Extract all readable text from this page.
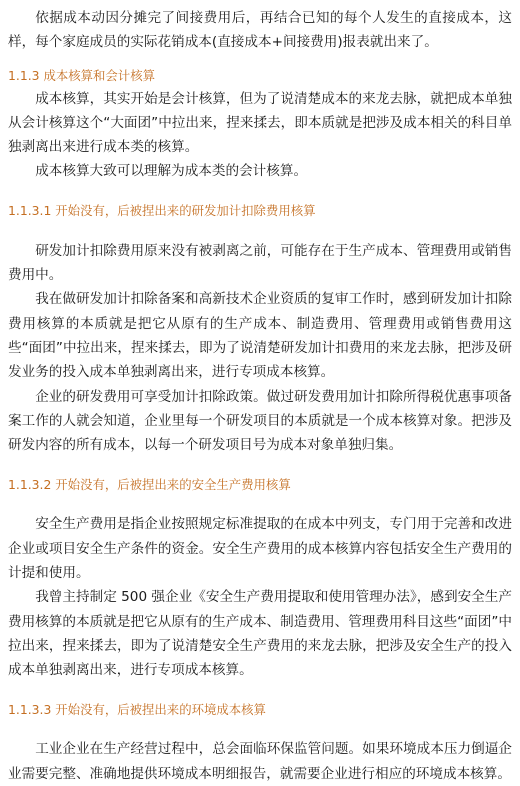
依据成本动因分摊完了间接费用后，再结合已知的每个人发生的直接成本，这样，每个家庭成员的实际花销成本(直接成本+间接费用)报表就出来了。

1.1.3 成本核算和会计核算

成本核算，其实开始是会计核算，但为了说清楚成本的来龙去脉，就把成本单独从会计核算这个“大面团”中拉出来，捏来揉去，即本质就是把涉及成本相关的科目单独剥离出来进行成本类的核算。

成本核算大致可以理解为成本类的会计核算。

1.1.3.1 开始没有，后被捏出来的研发加计扣除费用核算

研发加计扣除费用原来没有被剥离之前，可能存在于生产成本、管理费用或销售费用中。

我在做研发加计扣除备案和高新技术企业资质的复审工作时，感到研发加计扣除费用核算的本质就是把它从原有的生产成本、制造费用、管理费用或销售费用这些“面团”中拉出来，捏来揉去，即为了说清楚研发加计扣费用的来龙去脉，把涉及研发业务的投入成本单独剥离出来，进行专项成本核算。

企业的研发费用可享受加计扣除政策。做过研发费用加计扣除所得税优惠事项备案工作的人就会知道，企业里每一个研发项目的本质就是一个成本核算对象。把涉及研发内容的所有成本，以每一个研发项目号为成本对象单独归集。

1.1.3.2 开始没有，后被捏出来的安全生产费用核算

安全生产费用是指企业按照规定标准提取的在成本中列支，专门用于完善和改进企业或项目安全生产条件的资金。安全生产费用的成本核算内容包括安全生产费用的计提和使用。

我曾主持制定 500 强企业《安全生产费用提取和使用管理办法》，感到安全生产费用核算的本质就是把它从原有的生产成本、制造费用、管理费用科目这些“面团”中拉出来，捏来揉去，即为了说清楚安全生产费用的来龙去脉，把涉及安全生产的投入成本单独剥离出来，进行专项成本核算。

1.1.3.3 开始没有，后被捏出来的环境成本核算

工业企业在生产经营过程中，总会面临环保监管问题。如果环境成本压力倒逼企业需要完整、准确地提供环境成本明细报告，就需要企业进行相应的环境成本核算。
